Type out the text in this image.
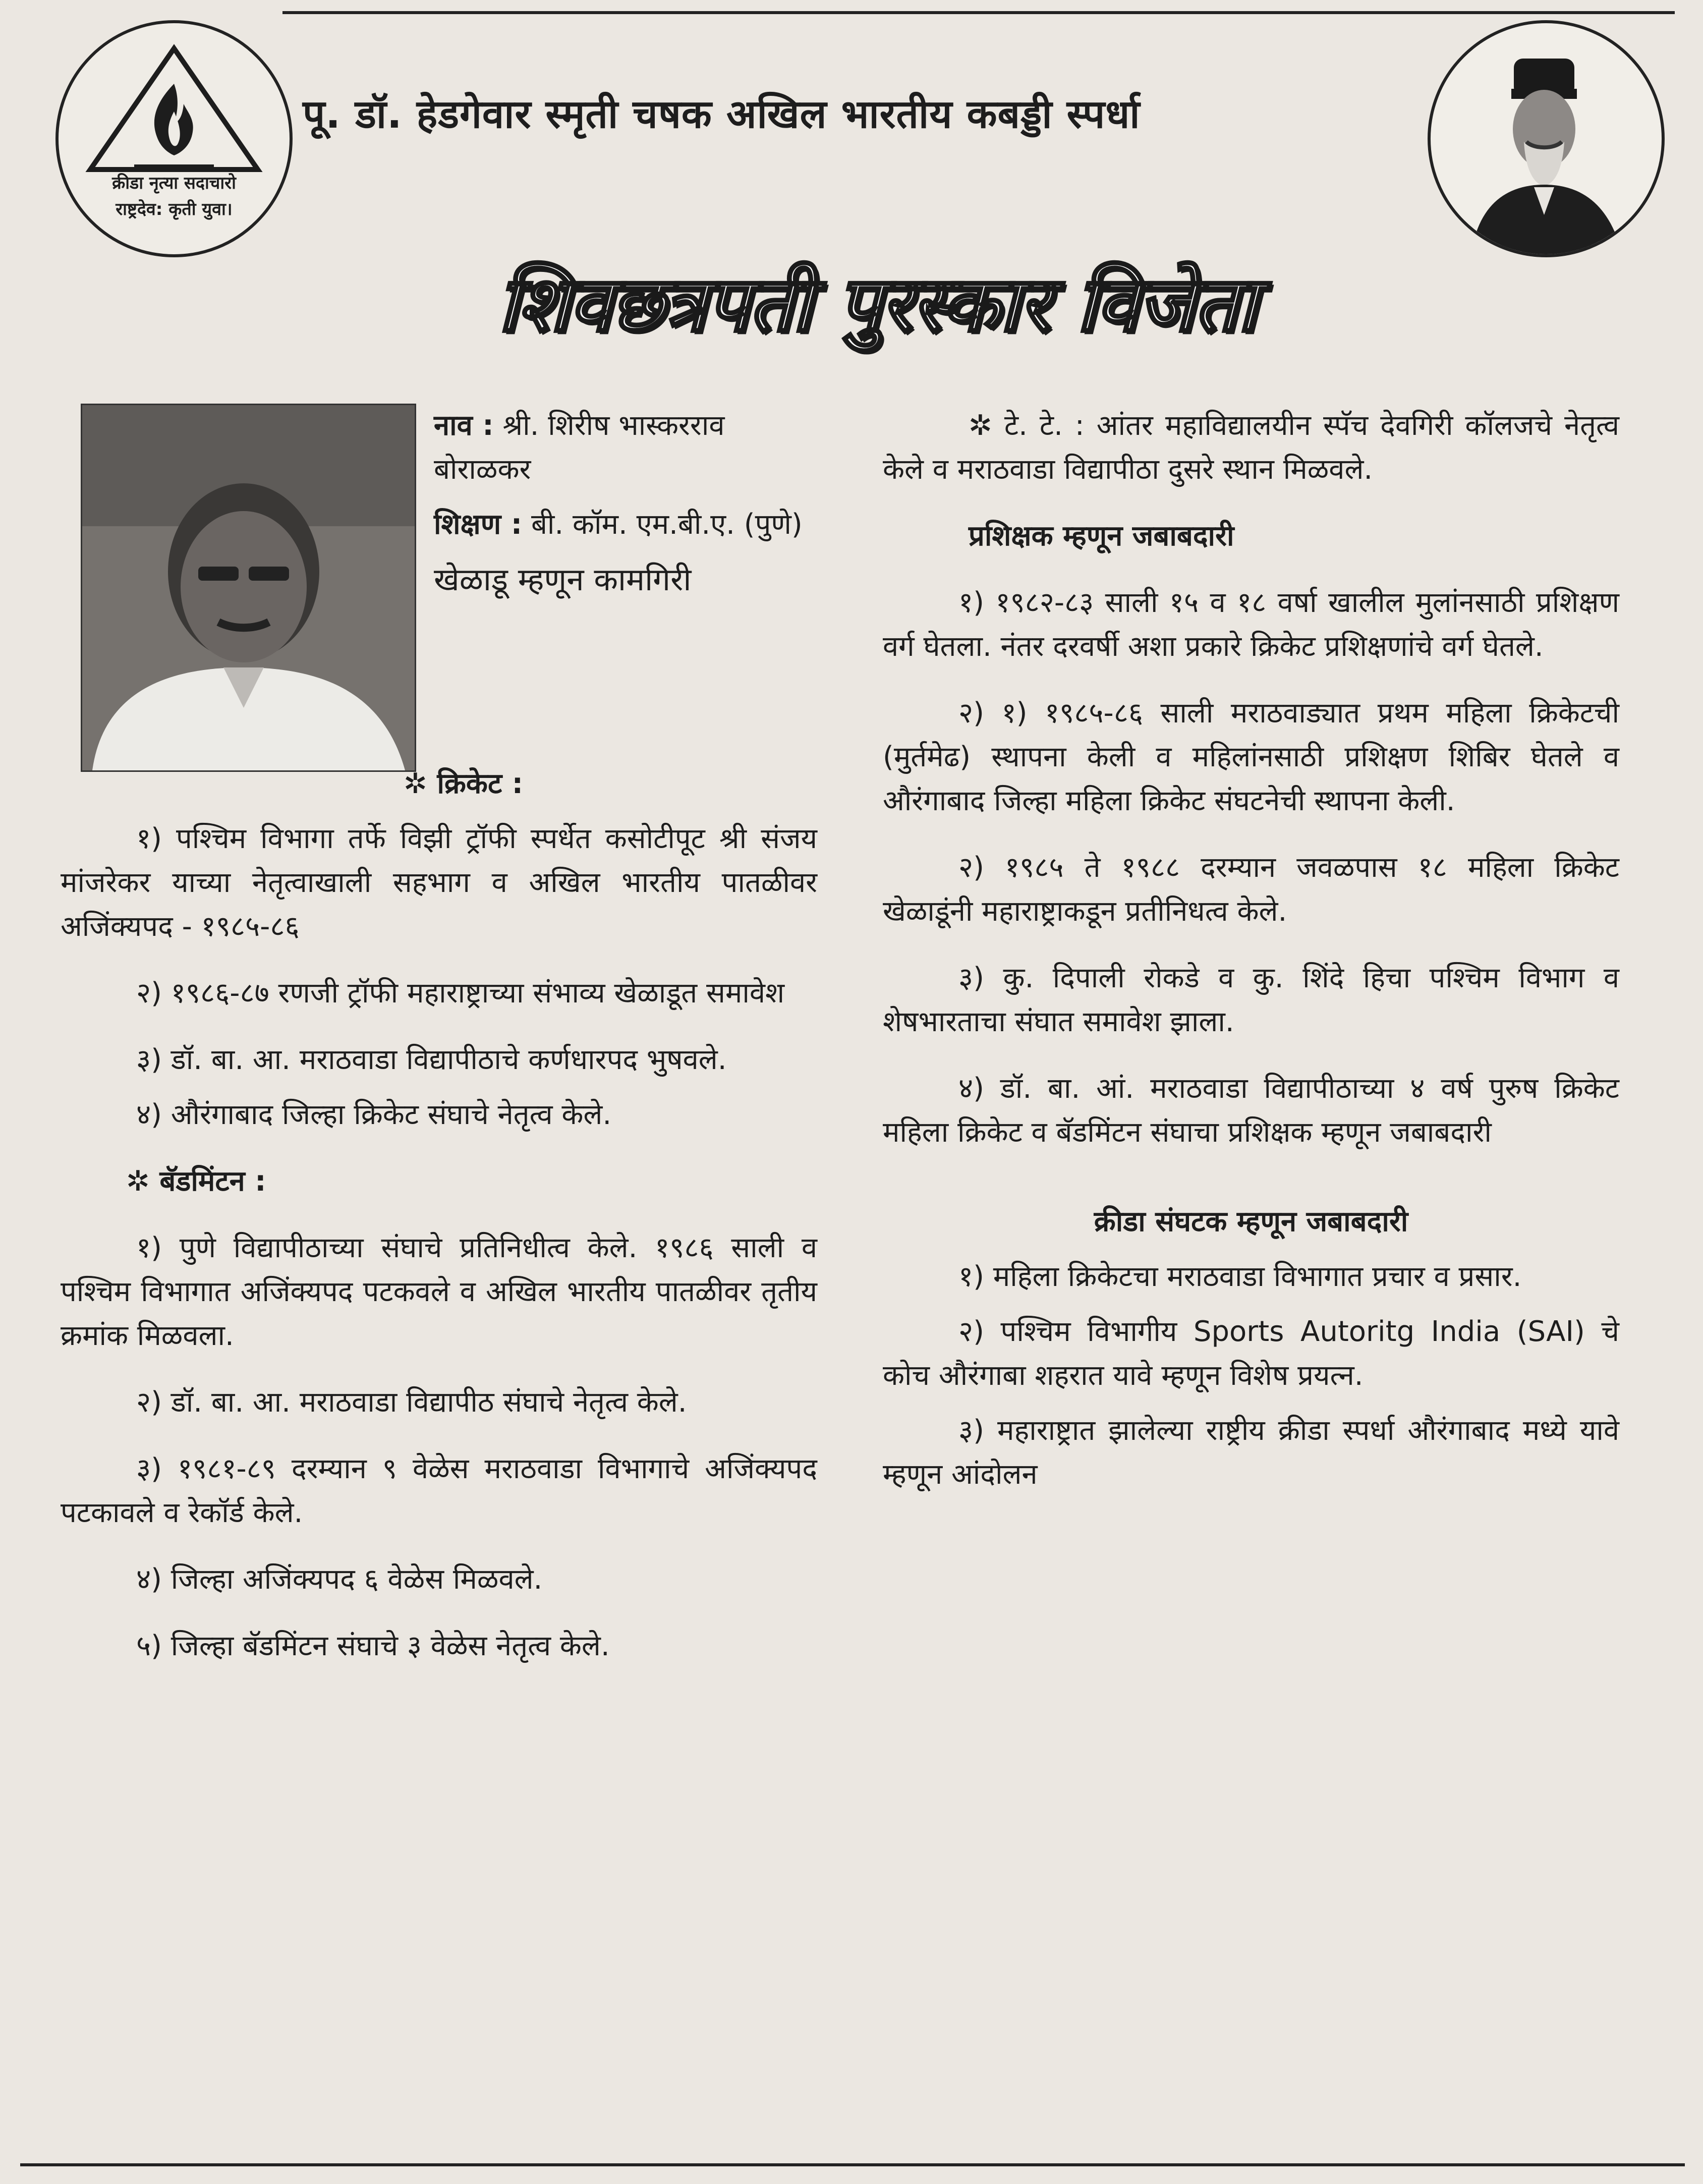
क्रीडा नृत्या सदाचारो
राष्ट्रदेव: कृती युवा।
पू. डॉ. हेडगेवार स्मृती चषक अखिल भारतीय कबड्डी स्पर्धा
शिवछत्रपती पुरस्कार विजेता

नाव : श्री. शिरीष भास्करराव बोराळकर

शिक्षण : बी. कॉम. एम.बी.ए. (पुणे)

खेळाडू म्हणून कामगिरी

✲ क्रिकेट :

१) पश्चिम विभागा तर्फे विझी ट्रॉफी स्पर्धेत कसोटीपूट श्री संजय मांजरेकर याच्या नेतृत्वाखाली सहभाग व अखिल भारतीय पातळीवर अजिंक्यपद - १९८५-८६

२) १९८६-८७ रणजी ट्रॉफी महाराष्ट्राच्या संभाव्य खेळाडूत समावेश

३) डॉ. बा. आ. मराठवाडा विद्यापीठाचे कर्णधारपद भुषवले.

४) औरंगाबाद जिल्हा क्रिकेट संघाचे नेतृत्व केले.

✲ बॅडमिंटन :

१) पुणे विद्यापीठाच्या संघाचे प्रतिनिधीत्व केले. १९८६ साली व पश्चिम विभागात अजिंक्यपद पटकवले व अखिल भारतीय पातळीवर तृतीय क्रमांक मिळवला.

२) डॉ. बा. आ. मराठवाडा विद्यापीठ संघाचे नेतृत्व केले.

३) १९८१-८९ दरम्यान ९ वेळेस मराठवाडा विभागाचे अजिंक्यपद पटकावले व रेकॉर्ड केले.

४) जिल्हा अजिंक्यपद ६ वेळेस मिळवले.

५) जिल्हा बॅडमिंटन संघाचे ३ वेळेस नेतृत्व केले.

✲ टे. टे. : आंतर महाविद्यालयीन स्पॅच देवगिरी कॉलजचे नेतृत्व केले व मराठवाडा विद्यापीठा दुसरे स्थान मिळवले.

प्रशिक्षक म्हणून जबाबदारी

१) १९८२-८३ साली १५ व १८ वर्षा खालील मुलांनसाठी प्रशिक्षण वर्ग घेतला. नंतर दरवर्षी अशा प्रकारे क्रिकेट प्रशिक्षणांचे वर्ग घेतले.

२) १) १९८५-८६ साली मराठवाड्यात प्रथम महिला क्रिकेटची (मुर्तमेढ) स्थापना केली व महिलांनसाठी प्रशिक्षण शिबिर घेतले व औरंगाबाद जिल्हा महिला क्रिकेट संघटनेची स्थापना केली.

२) १९८५ ते १९८८ दरम्यान जवळपास १८ महिला क्रिकेट खेळाडूंनी महाराष्ट्राकडून प्रतीनिधत्व केले.

३) कु. दिपाली रोकडे व कु. शिंदे हिचा पश्चिम विभाग व शेषभारताचा संघात समावेश झाला.

४) डॉ. बा. आं. मराठवाडा विद्यापीठाच्या ४ वर्ष पुरुष क्रिकेट महिला क्रिकेट व बॅडमिंटन संघाचा प्रशिक्षक म्हणून जबाबदारी

क्रीडा संघटक म्हणून जबाबदारी

१) महिला क्रिकेटचा मराठवाडा विभागात प्रचार व प्रसार.

२) पश्चिम विभागीय Sports Autoritg India (SAI) चे कोच औरंगाबा शहरात यावे म्हणून विशेष प्रयत्न.

३) महाराष्ट्रात झालेल्या राष्ट्रीय क्रीडा स्पर्धा औरंगाबाद मध्ये यावे म्हणून आंदोलन
